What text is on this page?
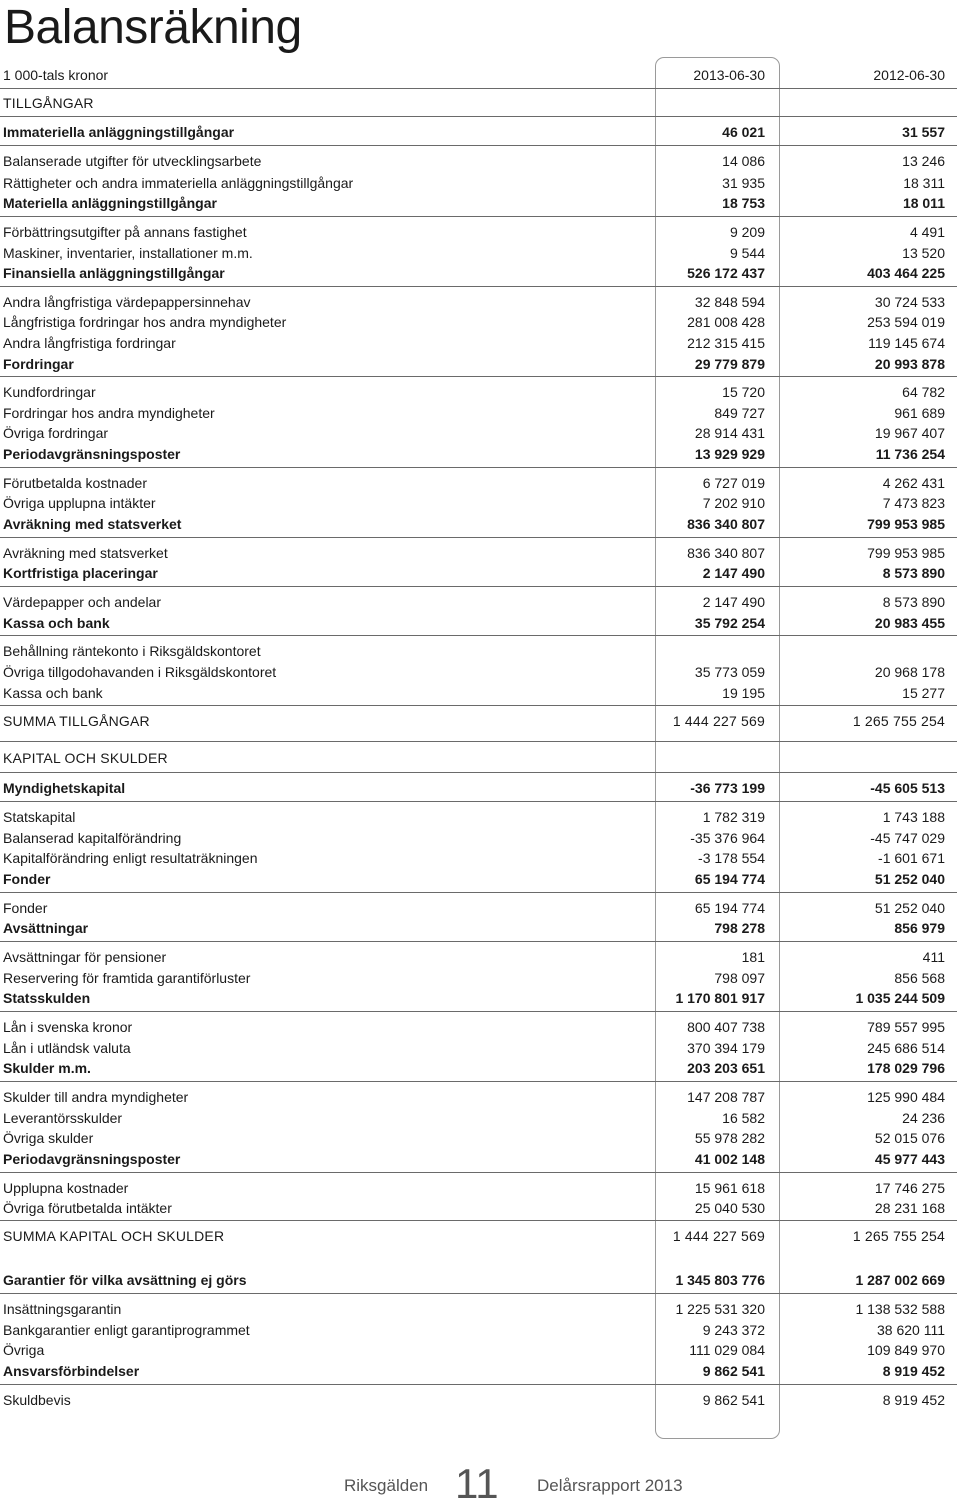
Balansräkning
1 000-tals kronor	2013-06-30	2012-06-30
TILLGÅNGAR
Immateriella anläggningstillgångar	46 021	31 557
Balanserade utgifter för utvecklingsarbete	14 086	13 246
Rättigheter och andra immateriella anläggningstillgångar	31 935	18 311
Materiella anläggningstillgångar	18 753	18 011
Förbättringsutgifter på annans fastighet	9 209	4 491
Maskiner, inventarier, installationer m.m.	9 544	13 520
Finansiella anläggningstillgångar	526 172 437	403 464 225
Andra långfristiga värdepappersinnehav	32 848 594	30 724 533
Långfristiga fordringar hos andra myndigheter	281 008 428	253 594 019
Andra långfristiga fordringar	212 315 415	119 145 674
Fordringar	29 779 879	20 993 878
Kundfordringar	15 720	64 782
Fordringar hos andra myndigheter	849 727	961 689
Övriga fordringar	28 914 431	19 967 407
Periodavgränsningsposter	13 929 929	11 736 254
Förutbetalda kostnader	6 727 019	4 262 431
Övriga upplupna intäkter	7 202 910	7 473 823
Avräkning med statsverket	836 340 807	799 953 985
Avräkning med statsverket	836 340 807	799 953 985
Kortfristiga placeringar	2 147 490	8 573 890
Värdepapper och andelar	2 147 490	8 573 890
Kassa och bank	35 792 254	20 983 455
Behållning räntekonto i Riksgäldskontoret
Övriga tillgodohavanden i Riksgäldskontoret	35 773 059	20 968 178
Kassa och bank	19 195	15 277
SUMMA TILLGÅNGAR	1 444 227 569	1 265 755 254
KAPITAL OCH SKULDER
Myndighetskapital	-36 773 199	-45 605 513
Statskapital	1 782 319	1 743 188
Balanserad kapitalförändring	-35 376 964	-45 747 029
Kapitalförändring enligt resultaträkningen	-3 178 554	-1 601 671
Fonder	65 194 774	51 252 040
Fonder	65 194 774	51 252 040
Avsättningar	798 278	856 979
Avsättningar för pensioner	181	411
Reservering för framtida garantiförluster	798 097	856 568
Statsskulden	1 170 801 917	1 035 244 509
Lån i svenska kronor	800 407 738	789 557 995
Lån i utländsk valuta	370 394 179	245 686 514
Skulder m.m.	203 203 651	178 029 796
Skulder till andra myndigheter	147 208 787	125 990 484
Leverantörsskulder	16 582	24 236
Övriga skulder	55 978 282	52 015 076
Periodavgränsningsposter	41 002 148	45 977 443
Upplupna kostnader	15 961 618	17 746 275
Övriga förutbetalda intäkter	25 040 530	28 231 168
SUMMA KAPITAL OCH SKULDER	1 444 227 569	1 265 755 254
Garantier för vilka avsättning ej görs	1 345 803 776	1 287 002 669
Insättningsgarantin	1 225 531 320	1 138 532 588
Bankgarantier enligt garantiprogrammet	9 243 372	38 620 111
Övriga	111 029 084	109 849 970
Ansvarsförbindelser	9 862 541	8 919 452
Skuldbevis	9 862 541	8 919 452
Riksgälden 11 Delårsrapport 2013
